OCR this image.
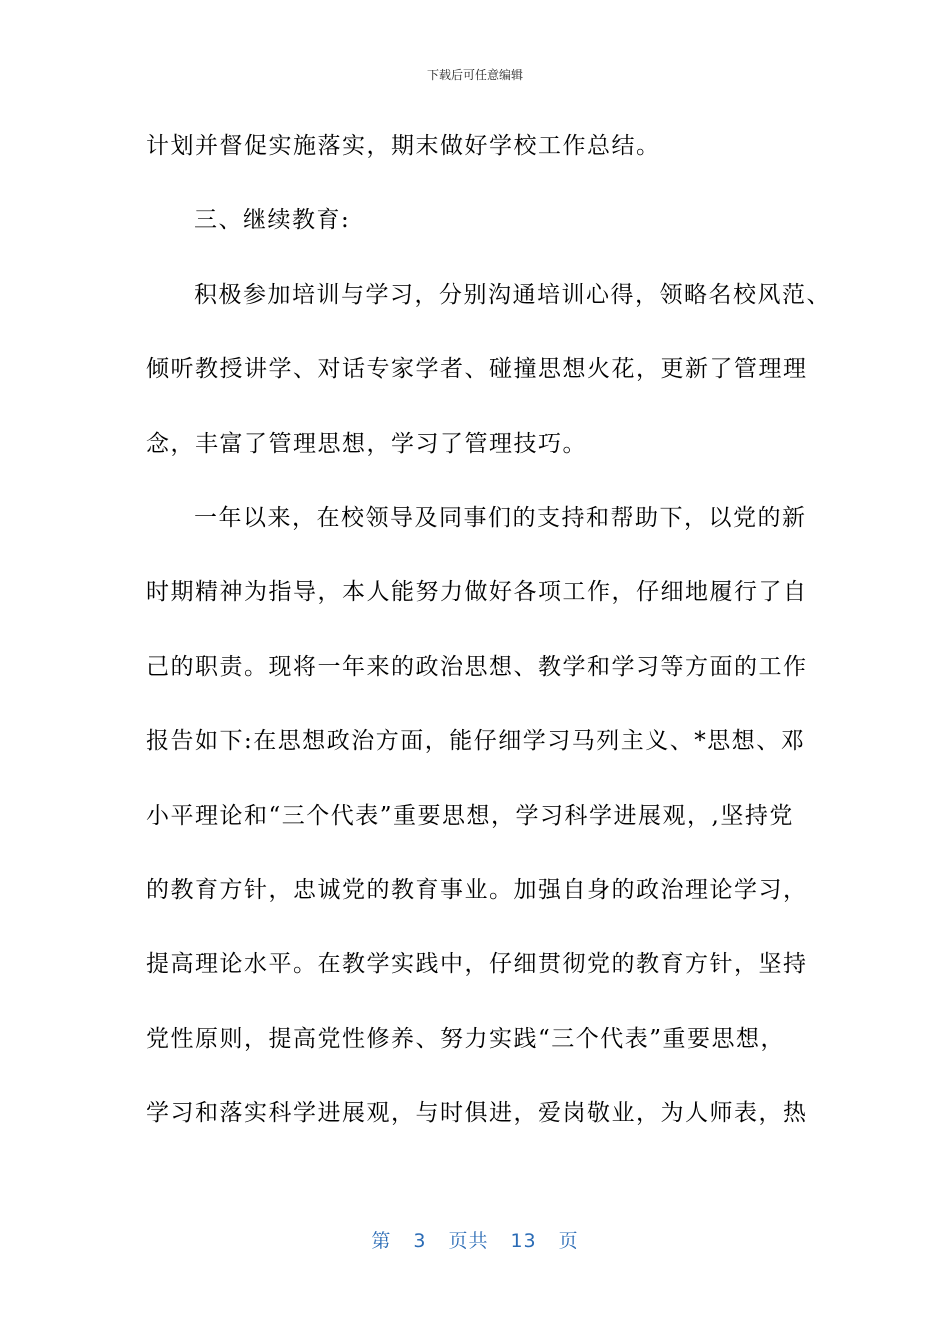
下载后可任意编辑
计划并督促实施落实，期末做好学校工作总结。
三、继续教育:
积极参加培训与学习，分别沟通培训心得，领略名校风范、
倾听教授讲学、对话专家学者、碰撞思想火花，更新了管理理
念，丰富了管理思想，学习了管理技巧。
一年以来，在校领导及同事们的支持和帮助下，以党的新
时期精神为指导，本人能努力做好各项工作，仔细地履行了自
己的职责。现将一年来的政治思想、教学和学习等方面的工作
报告如下:在思想政治方面，能仔细学习马列主义、*思想、邓
小平理论和“三个代表”重要思想，学习科学进展观，,坚持党
的教育方针，忠诚党的教育事业。加强自身的政治理论学习，
提高理论水平。在教学实践中，仔细贯彻党的教育方针，坚持
党性原则，提高党性修养、努力实践“三个代表”重要思想，
学习和落实科学进展观，与时俱进，爱岗敬业，为人师表，热
第 3 页共 13 页
